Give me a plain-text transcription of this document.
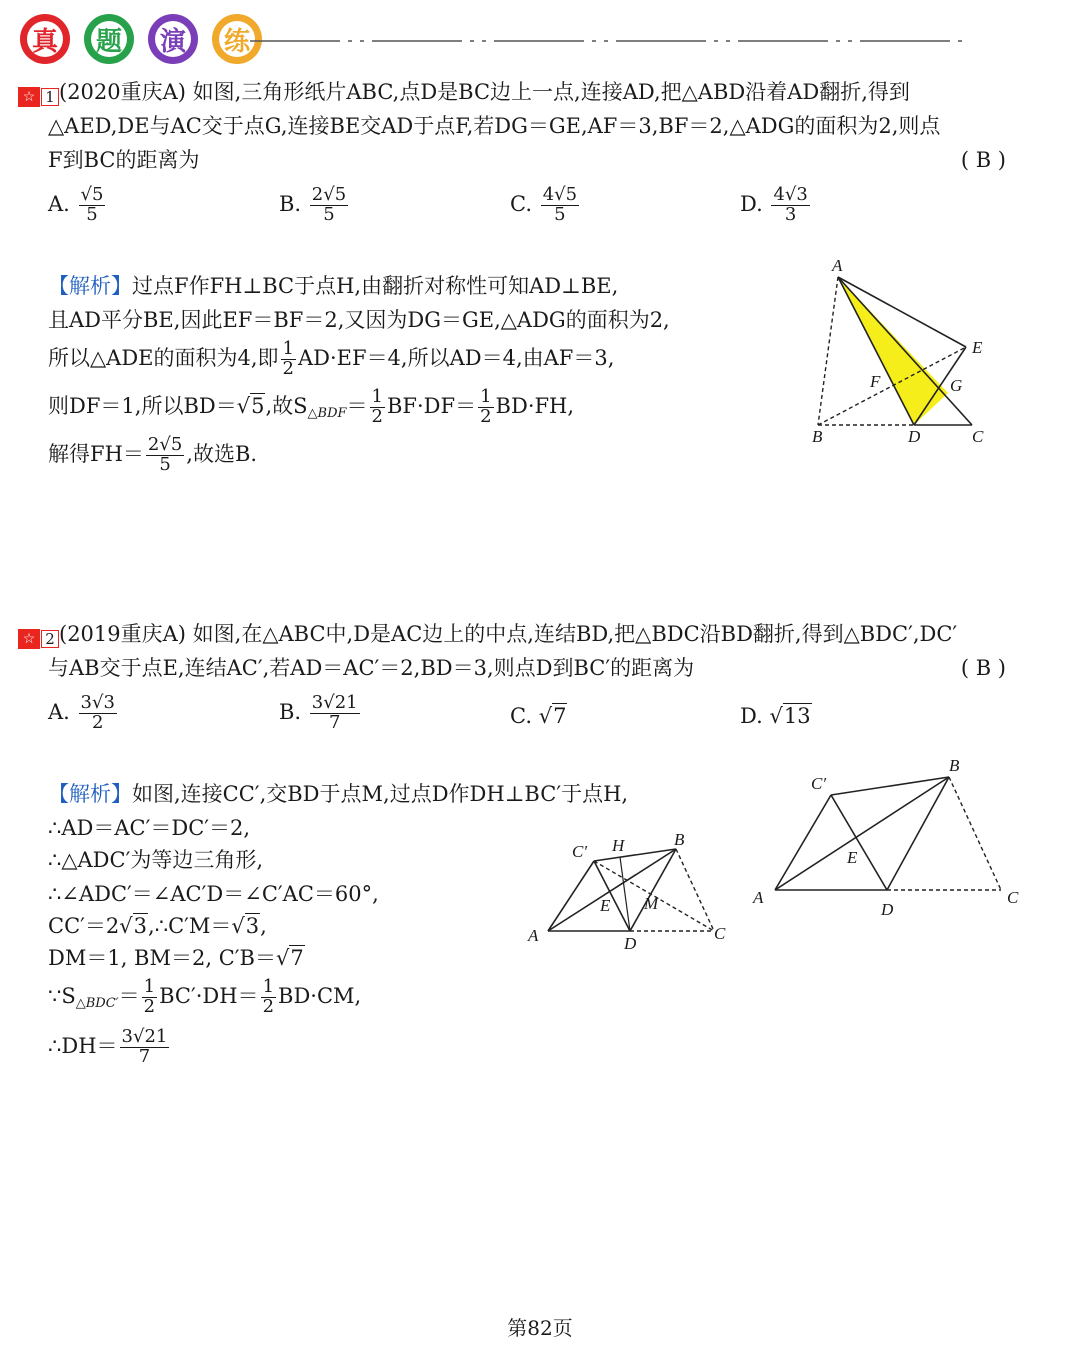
真 题 演 练
☆ 1 (2020重庆A) 如图,三角形纸片ABC,点D是BC边上一点,连接AD,把△ABD沿着AD翻折,得到
△AED,DE与AC交于点G,连接BE交AD于点F,若DG＝GE,AF＝3,BF＝2,△ADG的面积为2,则点
F到BC的距离为	( B )
A. $\frac{√5}{5}$	B. $\frac{2√5}{5}$	C. $\frac{4√5}{5}$	D. $\frac{4√3}{3}$
【解析】过点F作FH⊥BC于点H,由翻折对称性可知AD⊥BE,
且AD平分BE,因此EF＝BF＝2,又因为DG＝GE,△ADG的面积为2,
所以△ADE的面积为4,即 $\frac{1}{2} AD\cdot EF=4$,所以AD＝4,由AF＝3,
则DF＝1,所以BD＝√5,故$S_{\triangle BDF}= \frac{1}{2} BF\cdot DF= \frac{1}{2} BD\cdot FH$,
解得$FH= \frac{2√5}{5}$ ,故选B.
A
B	C
D
E
F	G
☆ 2 (2019重庆A) 如图,在△ABC中,D是AC边上的中点,连结BD,把△BDC沿BD翻折,得到△BDC′,DC′
与AB交于点E,连结AC′,若AD＝AC′＝2,BD＝3,则点D到BC′的距离为	( B )
A. $\frac{3√3}{2}$	B. $\frac{3√21}{7}$	C. √7	D. √13
【解析】如图,连接CC′,交BD于点M,过点D作DH⊥BC′于点H,
∴AD＝AC′＝DC′＝2,
∴△ADC′为等边三角形,
∴∠ADC′＝∠AC′D＝∠C′AC＝60°,
CC′＝2√3,∴C′M＝√3,
DM＝1, BM＝2, C′B＝√7
$\because S_{\triangle BDC'}= \frac{1}{2} BC'\cdot DH= \frac{1}{2} BD\cdot CM$,
∴DH＝ $\frac{3√21}{7}$
A
B
C
C′
D
E
H
M	A
B
C
C′
D
E
第82页
